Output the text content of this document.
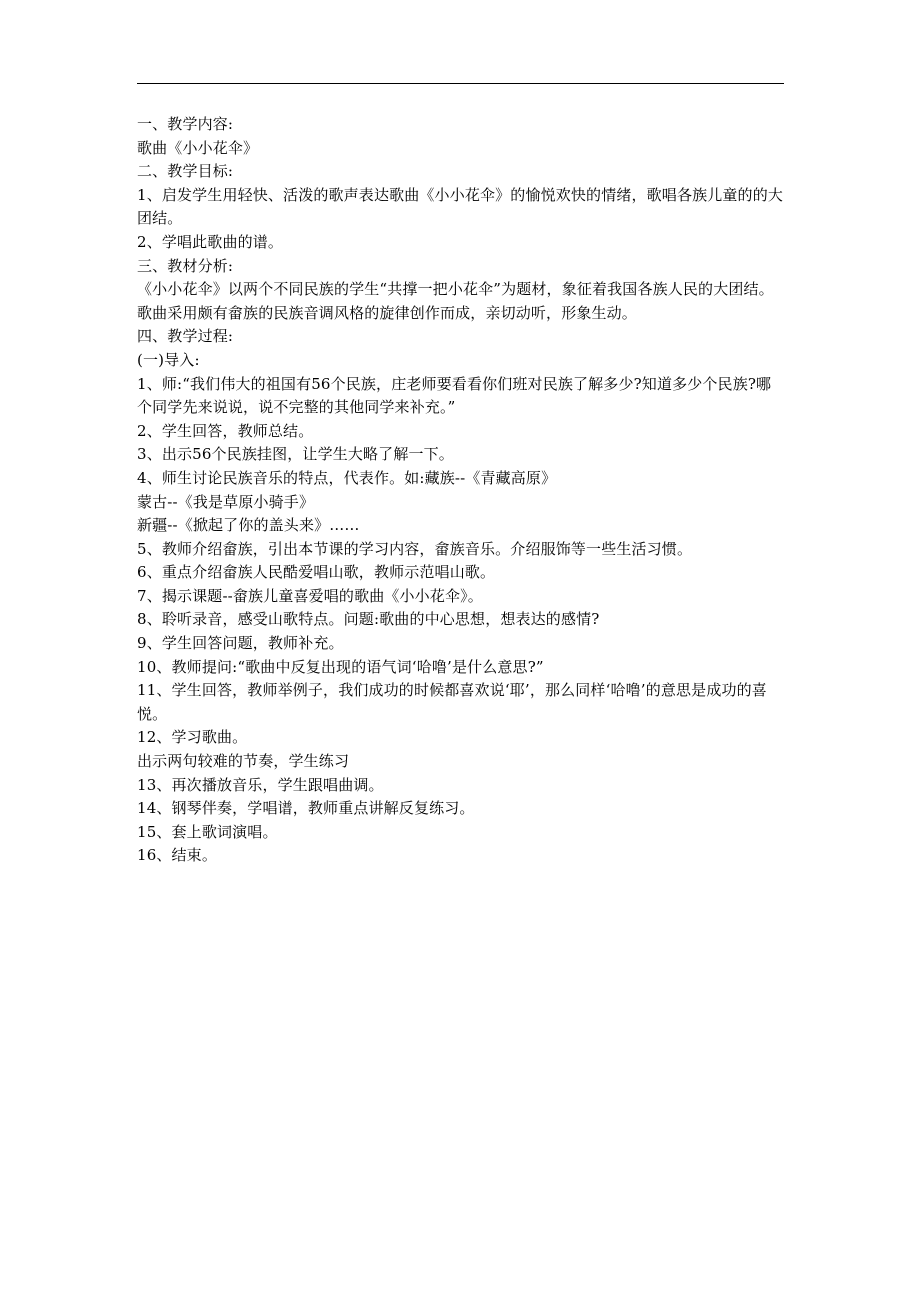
一、教学内容:
歌曲《小小花伞》
二、教学目标:
1、启发学生用轻快、活泼的歌声表达歌曲《小小花伞》的愉悦欢快的情绪，歌唱各族儿童的的大团结。
2、学唱此歌曲的谱。
三、教材分析:
《小小花伞》以两个不同民族的学生“共撑一把小花伞”为题材，象征着我国各族人民的大团结。歌曲采用颇有畲族的民族音调风格的旋律创作而成，亲切动听，形象生动。
四、教学过程:
(一)导入:
1、师:“我们伟大的祖国有56个民族，庄老师要看看你们班对民族了解多少?知道多少个民族?哪个同学先来说说，说不完整的其他同学来补充。”
2、学生回答，教师总结。
3、出示56个民族挂图，让学生大略了解一下。
4、师生讨论民族音乐的特点，代表作。如:藏族--《青藏高原》
蒙古--《我是草原小骑手》
新疆--《掀起了你的盖头来》……
5、教师介绍畲族，引出本节课的学习内容，畲族音乐。介绍服饰等一些生活习惯。
6、重点介绍畲族人民酷爱唱山歌，教师示范唱山歌。
7、揭示课题--畲族儿童喜爱唱的歌曲《小小花伞》。
8、聆听录音，感受山歌特点。问题:歌曲的中心思想，想表达的感情?
9、学生回答问题，教师补充。
10、教师提问:“歌曲中反复出现的语气词‘哈噜’是什么意思?”
11、学生回答，教师举例子，我们成功的时候都喜欢说‘耶’，那么同样‘哈噜’的意思是成功的喜悦。
12、学习歌曲。
出示两句较难的节奏，学生练习
13、再次播放音乐，学生跟唱曲调。
14、钢琴伴奏，学唱谱，教师重点讲解反复练习。
15、套上歌词演唱。
16、结束。
